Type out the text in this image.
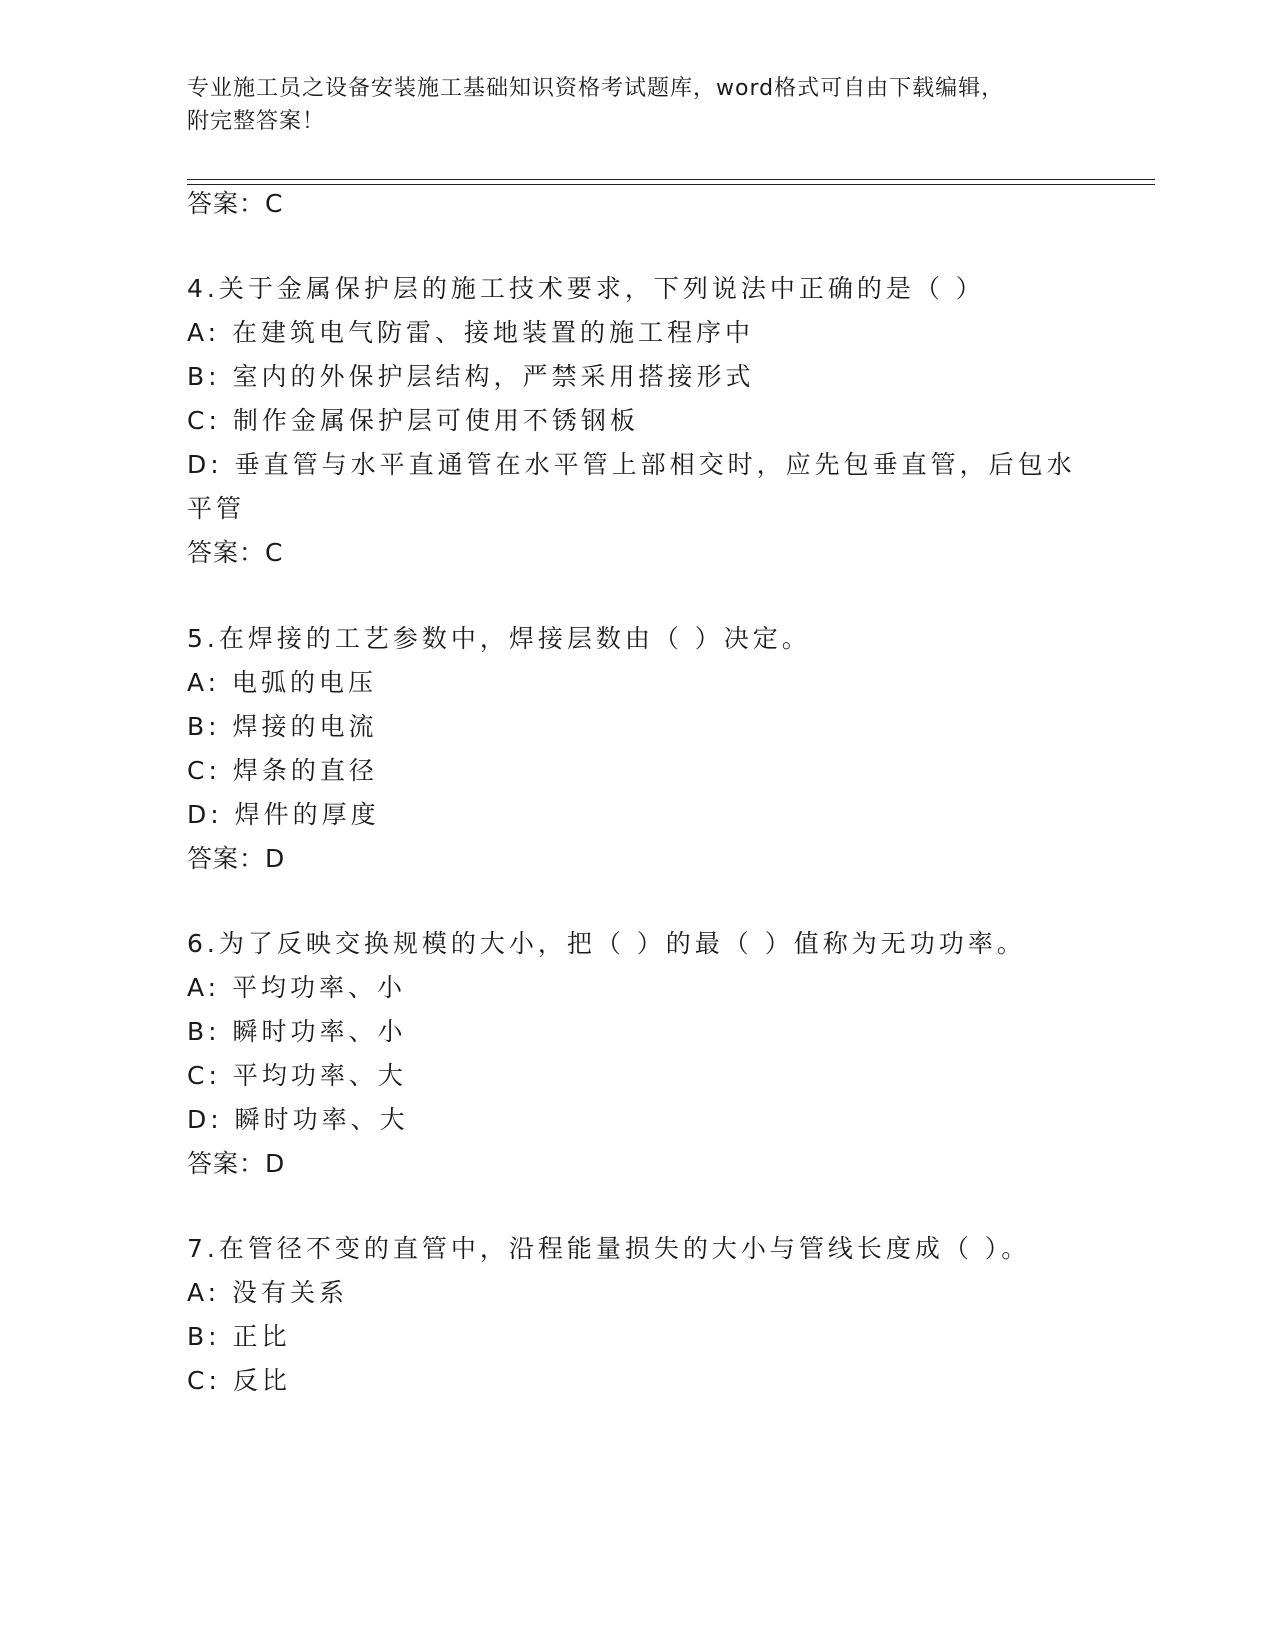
专业施工员之设备安装施工基础知识资格考试题库，word格式可自由下载编辑，
附完整答案！
答案：C
4.关于金属保护层的施工技术要求，下列说法中正确的是（ ）
A: 在建筑电气防雷、接地装置的施工程序中
B: 室内的外保护层结构，严禁采用搭接形式
C: 制作金属保护层可使用不锈钢板
D: 垂直管与水平直通管在水平管上部相交时，应先包垂直管，后包水
平管
答案：C
5.在焊接的工艺参数中，焊接层数由（ ）决定。
A: 电弧的电压
B: 焊接的电流
C: 焊条的直径
D: 焊件的厚度
答案：D
6.为了反映交换规模的大小，把（ ）的最（ ）值称为无功功率。
A: 平均功率、小
B: 瞬时功率、小
C: 平均功率、大
D: 瞬时功率、大
答案：D
7.在管径不变的直管中，沿程能量损失的大小与管线长度成（ ）。
A: 没有关系
B: 正比
C: 反比
